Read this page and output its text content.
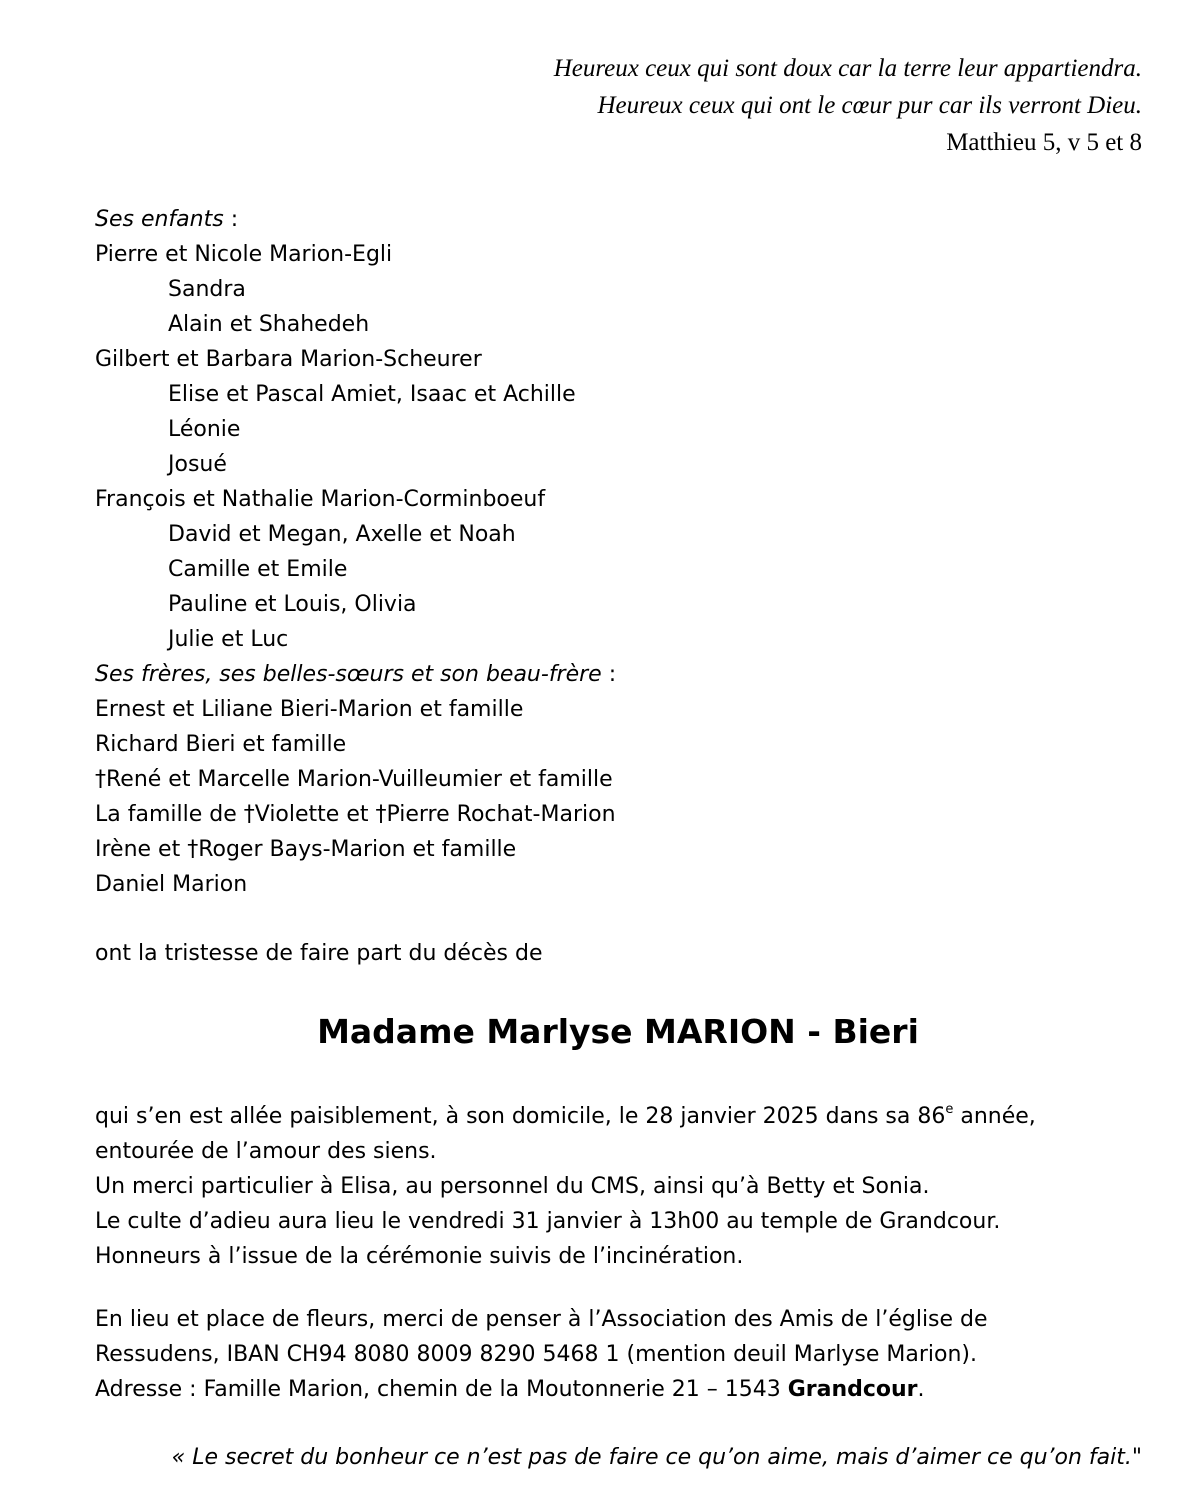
Heureux ceux qui sont doux car la terre leur appartiendra.
Heureux ceux qui ont le cœur pur car ils verront Dieu.
Matthieu 5, v 5 et 8
Ses enfants :
Pierre et Nicole Marion-Egli
Sandra
Alain et Shahedeh
Gilbert et Barbara Marion-Scheurer
Elise et Pascal Amiet, Isaac et Achille
Léonie
Josué
François et Nathalie Marion-Corminboeuf
David et Megan, Axelle et Noah
Camille et Emile
Pauline et Louis, Olivia
Julie et Luc
Ses frères, ses belles-sœurs et son beau-frère :
Ernest et Liliane Bieri-Marion et famille
Richard Bieri et famille
†René et Marcelle Marion-Vuilleumier et famille
La famille de †Violette et †Pierre Rochat-Marion
Irène et †Roger Bays-Marion et famille
Daniel Marion
ont la tristesse de faire part du décès de
Madame Marlyse MARION - Bieri
qui s’en est allée paisiblement, à son domicile, le 28 janvier 2025 dans sa 86e année,
entourée de l’amour des siens.
Un merci particulier à Elisa, au personnel du CMS, ainsi qu’à Betty et Sonia.
Le culte d’adieu aura lieu le vendredi 31 janvier à 13h00 au temple de Grandcour.
Honneurs à l’issue de la cérémonie suivis de l’incinération.
En lieu et place de fleurs, merci de penser à l’Association des Amis de l’église de
Ressudens, IBAN CH94 8080 8009 8290 5468 1 (mention deuil Marlyse Marion).
Adresse : Famille Marion, chemin de la Moutonnerie 21 – 1543 Grandcour.
« Le secret du bonheur ce n’est pas de faire ce qu’on aime, mais d’aimer ce qu’on fait."
